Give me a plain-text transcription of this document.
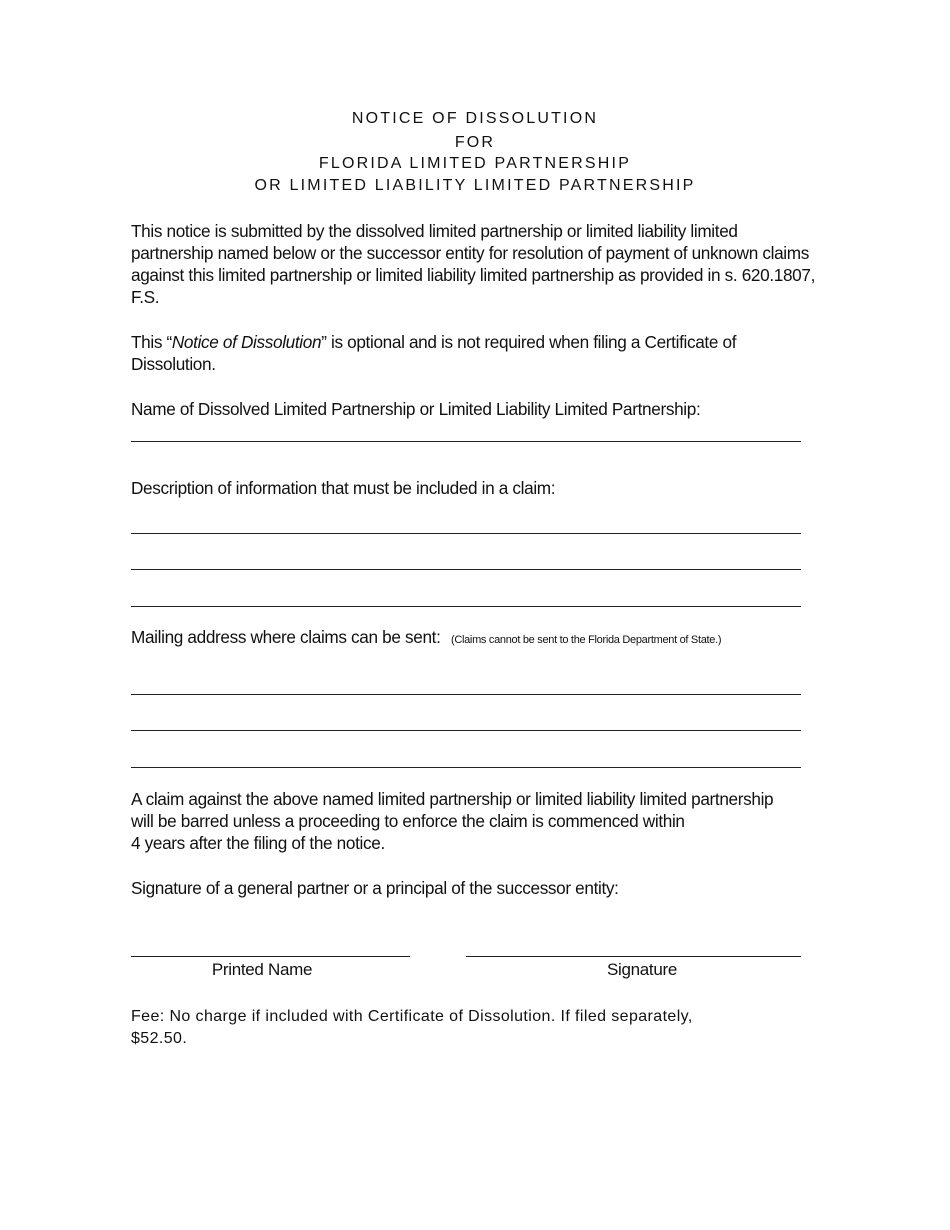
NOTICE OF DISSOLUTION
FOR
FLORIDA LIMITED PARTNERSHIP
OR LIMITED LIABILITY LIMITED PARTNERSHIP
This notice is submitted by the dissolved limited partnership or limited liability limited partnership named below or the successor entity for resolution of payment of unknown claims against this limited partnership or limited liability limited partnership as provided in s. 620.1807, F.S.
This “Notice of Dissolution” is optional and is not required when filing a Certificate of Dissolution.
Name of Dissolved Limited Partnership or Limited Liability Limited Partnership:
Description of information that must be included in a claim:
Mailing address where claims can be sent: (Claims cannot be sent to the Florida Department of State.)
A claim against the above named limited partnership or limited liability limited partnership
will be barred unless a proceeding to enforce the claim is commenced within
4 years after the filing of the notice.
Signature of a general partner or a principal of the successor entity:
Printed Name	Signature
Fee: No charge if included with Certificate of Dissolution. If filed separately,
$52.50.
